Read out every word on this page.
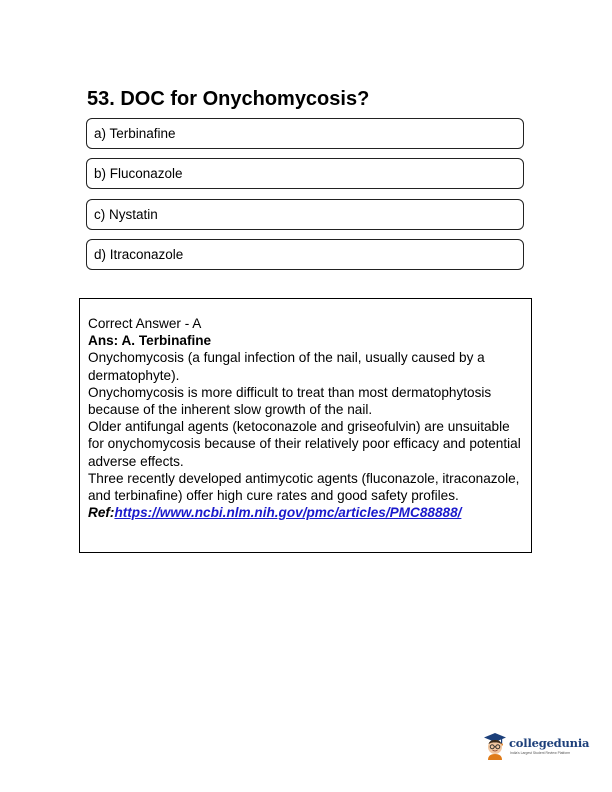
53. DOC for Onychomycosis?
a) Terbinafine
b) Fluconazole
c) Nystatin
d) Itraconazole

Correct Answer - A

Ans: A. Terbinafine

Onychomycosis (a fungal infection of the nail, usually caused by a dermatophyte).

Onychomycosis is more difficult to treat than most dermatophytosis because of the inherent slow growth of the nail.

Older antifungal agents (ketoconazole and griseofulvin) are unsuitable for onychomycosis because of their relatively poor efficacy and potential adverse effects.

Three recently developed antimycotic agents (fluconazole, itraconazole, and terbinafine) offer high cure rates and good safety profiles.

Ref:https://www.ncbi.nlm.nih.gov/pmc/articles/PMC88888/

collegedunia
India's Largest Student Review Platform
